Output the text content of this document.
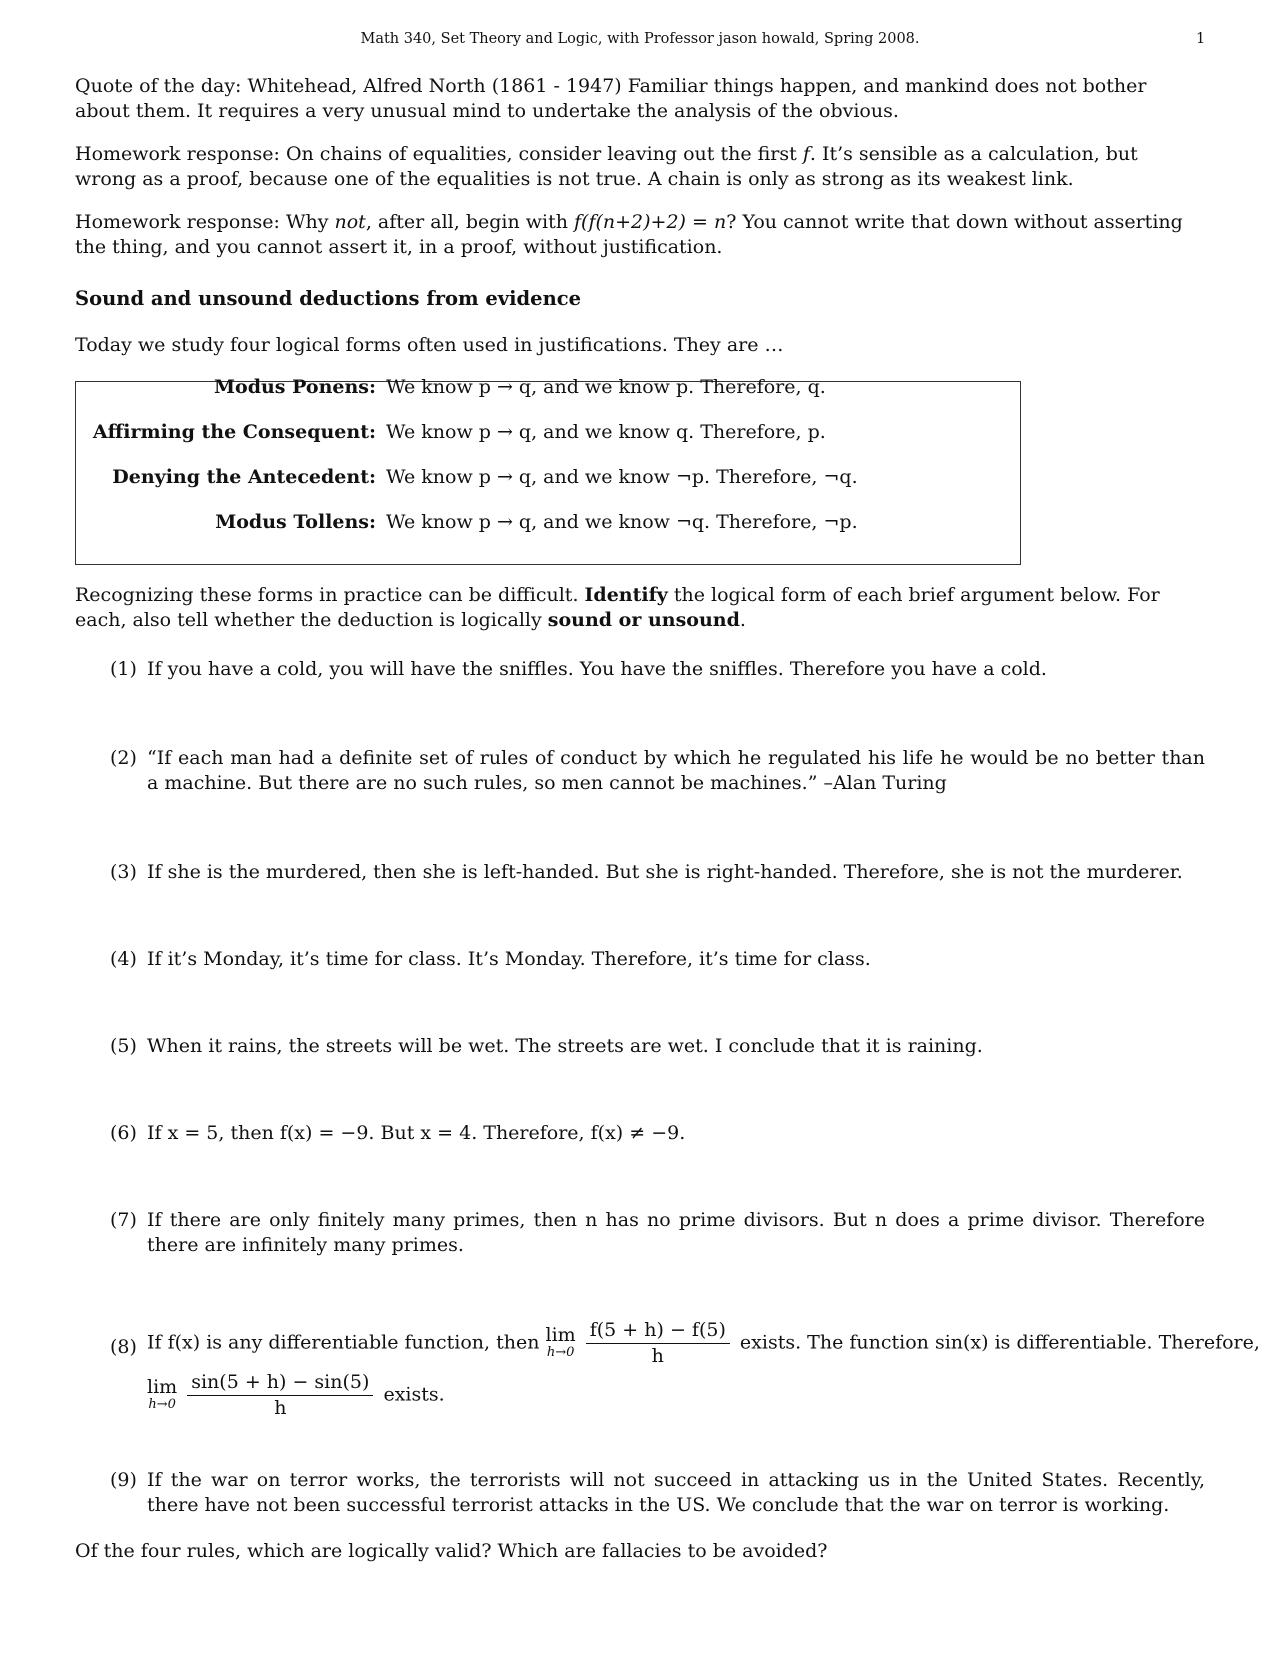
Math 340, Set Theory and Logic, with Professor jason howald, Spring 2008.	1

Quote of the day: Whitehead, Alfred North (1861 - 1947) Familiar things happen, and mankind does not bother about them. It requires a very unusual mind to undertake the analysis of the obvious.

Homework response: On chains of equalities, consider leaving out the first f. It’s sensible as a calculation, but wrong as a proof, because one of the equalities is not true. A chain is only as strong as its weakest link.

Homework response: Why not, after all, begin with f(f(n+2)+2) = n? You cannot write that down without asserting the thing, and you cannot assert it, in a proof, without justification.

Sound and unsound deductions from evidence

Today we study four logical forms often used in justifications. They are …

Modus Ponens: We know p → q, and we know p. Therefore, q.
Affirming the Consequent: We know p → q, and we know q. Therefore, p.
Denying the Antecedent: We know p → q, and we know ¬p. Therefore, ¬q.
Modus Tollens: We know p → q, and we know ¬q. Therefore, ¬p.

Recognizing these forms in practice can be difficult. Identify the logical form of each brief argument below. For each, also tell whether the deduction is logically sound or unsound.

(1) If you have a cold, you will have the sniffles. You have the sniffles. Therefore you have a cold.
(2) “If each man had a definite set of rules of conduct by which he regulated his life he would be no better than a machine. But there are no such rules, so men cannot be machines.” –Alan Turing
(3) If she is the murdered, then she is left-handed. But she is right-handed. Therefore, she is not the murderer.
(4) If it’s Monday, it’s time for class. It’s Monday. Therefore, it’s time for class.
(5) When it rains, the streets will be wet. The streets are wet. I conclude that it is raining.
(6) If x = 5, then f(x) = −9. But x = 4. Therefore, f(x) ≠ −9.
(7) If there are only finitely many primes, then n has no prime divisors. But n does a prime divisor. Therefore there are infinitely many primes.
(8) If f(x) is any differentiable function, then lim
h→0
$\frac{f(5 + h) - f(5)}{h}$ exists. The function sin(x) is differentiable. Therefore,
lim
h→0
$\frac{\sin(5 + h) - \sin(5)}{h}$ exists.
(9) If the war on terror works, the terrorists will not succeed in attacking us in the United States. Recently, there have not been successful terrorist attacks in the US. We conclude that the war on terror is working.

Of the four rules, which are logically valid? Which are fallacies to be avoided?
